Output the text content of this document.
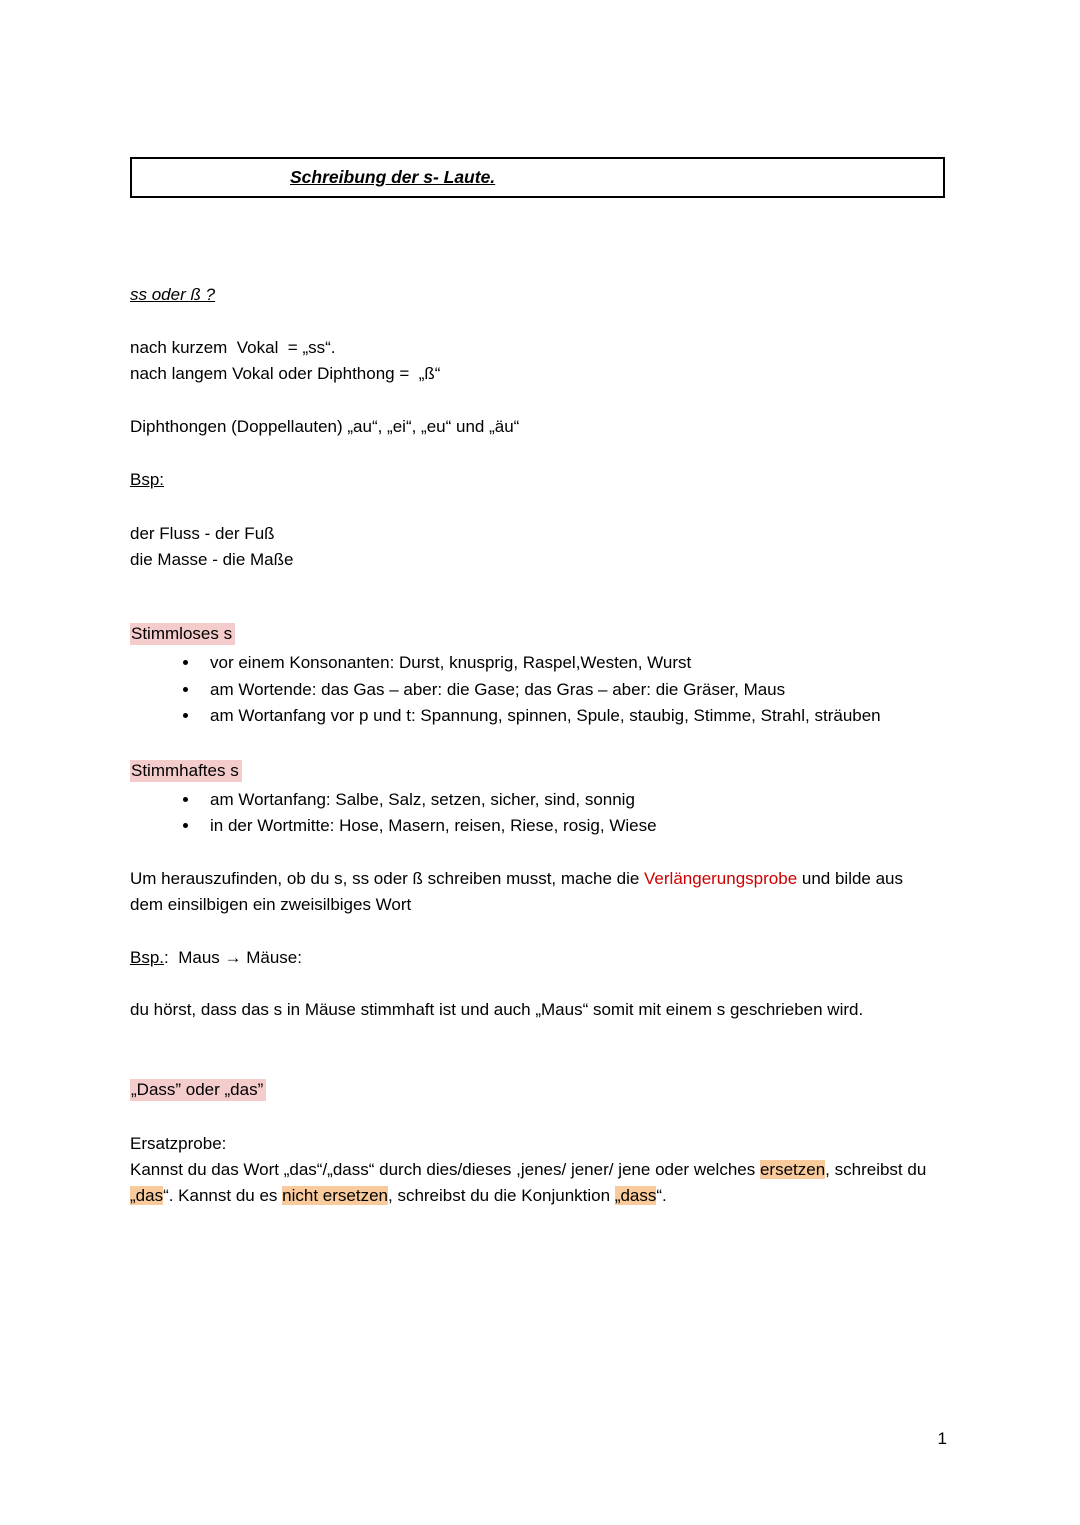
Schreibung der s- Laute.

ss oder ß ?

nach kurzem  Vokal  = „ss“.

nach langem Vokal oder Diphthong =  „ß“

Diphthongen (Doppellauten) „au“, „ei“, „eu“ und „äu“

Bsp:

der Fluss - der Fuß

die Masse - die Maße

Stimmloses s

• vor einem Konsonanten: Durst, knusprig, Raspel,Westen, Wurst
• am Wortende: das Gas – aber: die Gase; das Gras – aber: die Gräser, Maus
• am Wortanfang vor p und t: Spannung, spinnen, Spule, staubig, Stimme, Strahl, sträuben

Stimmhaftes s

• am Wortanfang: Salbe, Salz, setzen, sicher, sind, sonnig
• in der Wortmitte: Hose, Masern, reisen, Riese, rosig, Wiese

Um herauszufinden, ob du s, ss oder ß schreiben musst, mache die Verlängerungsprobe und bilde aus dem einsilbigen ein zweisilbiges Wort

Bsp.:  Maus → Mäuse:

du hörst, dass das s in Mäuse stimmhaft ist und auch „Maus“ somit mit einem s geschrieben wird.

„Dass” oder „das”

Ersatzprobe:

Kannst du das Wort „das“/„dass“ durch dies/dieses ,jenes/ jener/ jene oder welches ersetzen, schreibst du „das“. Kannst du es nicht ersetzen, schreibst du die Konjunktion „dass“.

1
